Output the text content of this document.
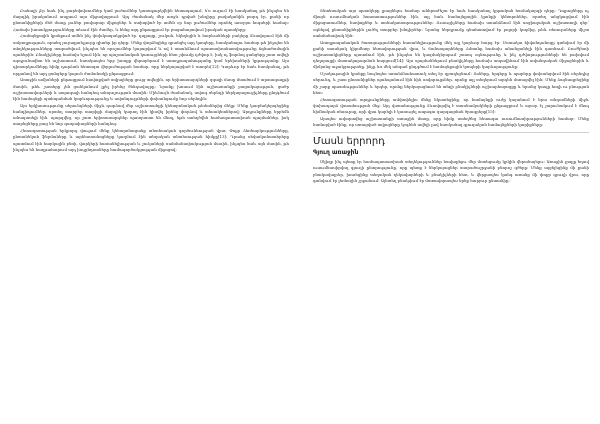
Բանալի չէր նաև ինչ բարեփոխումներ կամ լուծումներ կառաջարկվեին հետագայում, ե՛ս ուզում էի հասկանալ թե ինչպես են մարդիկ իրականում ապրում այս միջավայրում։ Այդ ժամանակ մեր առջև դրված խնդիրը բավականին բարդ էր, քանի որ ընտանիքների մեծ մասը չուներ բավարար միջոցներ և ստիպված էր ամեն օր նոր լուծումներ որոնել առօրյա հոգսերի համար։ Հաճախ խոսակցությունները տևում էին ժամեր, և հենց այդ ընթացքում էր բացահայտվում իրական պատկերը։

Համայնքային կյանքում ամեն ինչ փոխկապակցված էր. դպրոցը, շուկան, եկեղեցին և հարևանների բակերը ձևավորում էին մի ամբողջություն, որտեղ յուրաքանչյուրը գիտեր իր դերը։ Մենք փորձեցինք գրանցել այդ կապերը, հասկանալու համար թե ինչպես են տեղեկությունները տարածվում, ինչպես են որոշումներ կայացվում և ով է ստանձնում պատասխանատվությունը ճգնաժամային պահերին։ Բնակիչները հաճախ նշում էին, որ պաշտոնական կառույցների հետ շփումը դժվար է, իսկ ոչ ֆորմալ ցանցերը շատ ավելի արդյունավետ են աշխատում, հատկապես երբ խոսքը վերաբերում է առողջապահությանը կամ երեխաների կրթությանը։ Այս դիտարկումները հիմք դարձան հետագա վերլուծության համար, որը ներկայացված է ստորև[12]։ Կարևոր էր նաև հասկանալ, թե որքանով են այդ ցանցերը կայուն ժամանակի ընթացքում։

Առաջին ամիսների ընթացքում հավաքված տվյալները ցույց տվեցին, որ երիտասարդների զգալի մասը մտածում է արտագաղթի մասին, թեև շատերը չեն ցանկանում լքել իրենց ծննդավայրը։ Նրանք խոսում էին աշխատանքի բացակայության, ցածր աշխատավարձերի և ապագայի հանդեպ անորոշության մասին։ Միևնույն ժամանակ, ավագ սերնդի ներկայացուցիչները ընդգծում էին համայնքի պահպանման կարևորությունը և ավանդույթների փոխանցումը նոր սերնդին։

Այս երկխոսությունը սերունդների միջև դարձավ մեր աշխատանքի կենտրոնական թեմաներից մեկը։ Մենք կազմակերպեցինք հանդիպումներ, որտեղ տարբեր տարիքի մարդիկ կարող էին կիսվել իրենց փորձով և տեսակետներով։ Արդյունքները երբեմն անսպասելի էին. պարզվեց, որ շատ երիտասարդներ պատրաստ են մնալ, եթե ստեղծվեն համապատասխան պայմաններ, իսկ տարեցները բաց են նոր գաղափարների հանդեպ։

Հետազոտության երկրորդ փուլում մենք կենտրոնացանք տնտեսական գործունեության վրա։ Փոքր ձեռնարկությունները, ընտանեկան ֆերմաները և արհեստանոցները կազմում էին տեղական տնտեսության հիմքը[13]։ Դրանց սեփականատերերը պատմում էին հարկային բեռի, վարկերի հասանելիության և շուկաների սահմանափակության մասին, ինչպես նաև այն մասին, թե ինչպես են հաղթահարում այդ խոչընդոտները համագործակցության միջոցով։

Տնտեսական այս պատկերը լրացնելու համար անհրաժեշտ էր նաև հասկանալ կրթական համակարգի դերը։ Դպրոցները ոչ միայն ուսումնական հաստատություններ էին, այլ նաև համայնքային կյանքի կենտրոններ, որտեղ անցկացվում էին միջոցառումներ, հավաքներ և տոնակատարություններ։ Ուսուցիչները հաճախ ստանձնում էին սոցիալական աշխատողի դեր՝ օգնելով ընտանիքներին լուծել տարբեր խնդիրներ։ Նրանց ներդրումը գնահատվում էր բոլորի կողմից, թեև ռեսուրսները միշտ սահմանափակ էին։

Առողջապահական ծառայությունների հասանելիությունը մեկ այլ կարևոր հարց էր։ Մոտակա հիվանդանոցը գտնվում էր մի քանի տասնյակ կիլոմետր հեռավորության վրա, և ճանապարհները ձմռանը հաճախ անանցանելի էին դառնում։ Բուժկետի աշխատակիցները պատմում էին, թե ինչպես են կազմակերպում շտապ օգնությունը և ինչ դժվարությունների են բախվում դեղորայքի մատակարարման հարցում[14]։ Այս պայմաններում բնակիչները հաճախ ապավինում էին ավանդական միջոցներին և միմյանց աջակցությանը, ինչը ևս մեկ անգամ ընդգծում է համայնքային կապերի կարևորությունը։

Մշակութային կյանքը նույնպես առանձնահատուկ տեղ էր զբաղեցնում։ Տոները, երգերը և պարերը փոխանցվում էին սերնդից սերունդ, և շատ ընտանիքներ պահպանում էին հին սովորույթներ, որոնք այլ տեղերում արդեն մոռացվել էին։ Մենք ձայնագրեցինք մի շարք պատմություններ և երգեր, որոնք ներկայացնում են տեղի բնակիչների աշխարհայացքը և նրանց կապը հողի ու բնության հետ։

Հետազոտության արդյունքները ամփոփելիս մենք նկատեցինք, որ համայնքի ուժը կայանում է նրա անդամների միջև փոխադարձ վստահության մեջ։ Այդ վստահությունը ձևավորվել է տասնամյակների ընթացքում և այսօր էլ շարունակում է մնալ հիմնական ռեսուրսը, որի վրա կարելի է կառուցել ապագա զարգացման ծրագրերը[15]։

Այսպես ավարտվեց աշխատանքի առաջին մասը, որը հիմք ստեղծեց հետագա ուսումնասիրությունների համար։ Մենք համոզված էինք, որ ստացված տվյալները կօգնեն ավելի լավ հասկանալ գյուղական համայնքների կարիքները։

Մասն երրորդ
Գյուղ առաջին

Սկիզբ ինչ պետք էր համապատասխան տեղեկություններ հավաքելու մեր մոտեցումը կրկին վերանայելու։ Առաջին քայլը եղավ ուսումնասիրվող գյուղի ընտրությունը, որը պետք է ներկայացներ տարածաշրջանի բնորոշ գծերը։ Մենք այցելեցինք մի քանի բնակավայրեր, խոսեցինք տեղական ղեկավարների և բնակիչների հետ, և վերջապես կանգ առանք մի փոքր գյուղի վրա, որը գտնվում էր լեռնային շրջանում։ Այնտեղ բնակվում էր մոտավորապես երեք հարյուր ընտանիք։
